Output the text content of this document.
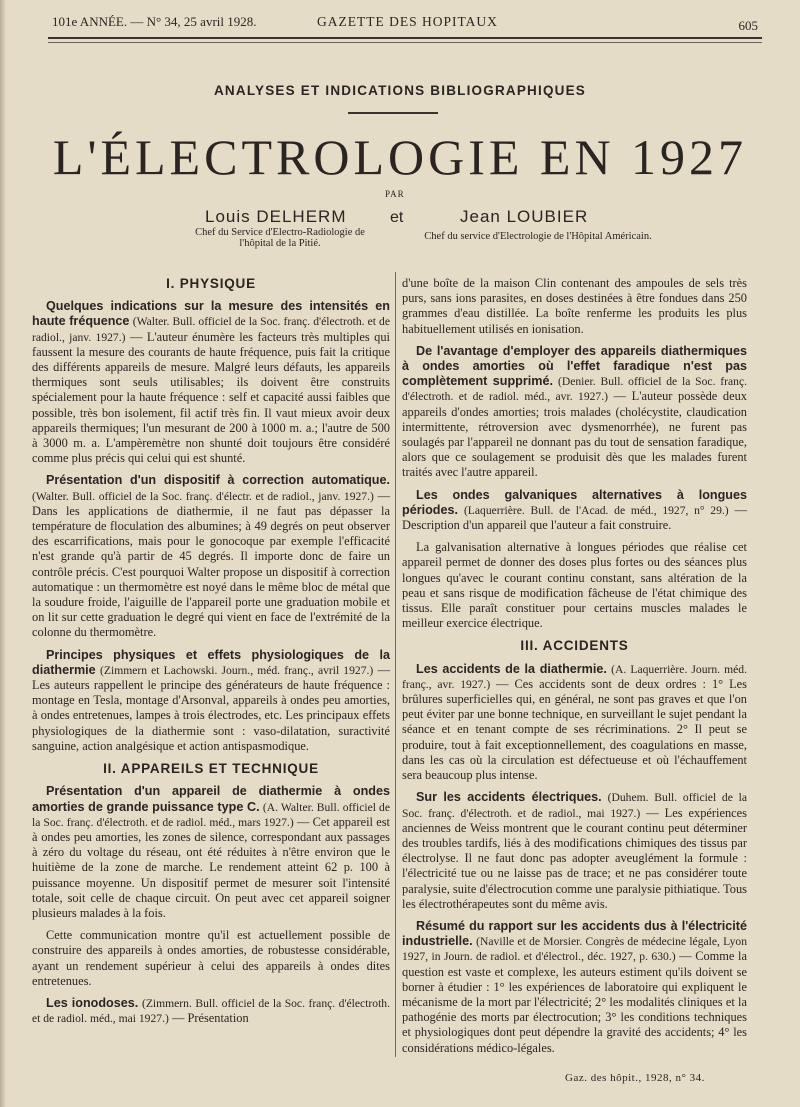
101e ANNÉE. — N° 34, 25 avril 1928.	GAZETTE DES HOPITAUX	605
ANALYSES ET INDICATIONS BIBLIOGRAPHIQUES
L'ÉLECTROLOGIE EN 1927
PAR
Louis DELHERM	et	Jean LOUBIER
Chef du Service d'Electro-Radiologie de l'hôpital de la Pitié.
Chef du service d'Electrologie de l'Hôpital Américain.
I. PHYSIQUE

Quelques indications sur la mesure des intensités en haute fréquence (Walter. Bull. officiel de la Soc. franç. d'électroth. et de radiol., janv. 1927.) — L'auteur énumère les facteurs très multiples qui faussent la mesure des courants de haute fréquence, puis fait la critique des différents appareils de mesure. Malgré leurs défauts, les appareils thermiques sont seuls utilisables; ils doivent être construits spécialement pour la haute fréquence : self et capacité aussi faibles que possible, très bon isolement, fil actif très fin. Il vaut mieux avoir deux appareils thermiques; l'un mesurant de 200 à 1000 m. a.; l'autre de 500 à 3000 m. a. L'ampèremètre non shunté doit toujours être considéré comme plus précis qui celui qui est shunté.

Présentation d'un dispositif à correction automatique. (Walter. Bull. officiel de la Soc. franç. d'électr. et de radiol., janv. 1927.) — Dans les applications de diathermie, il ne faut pas dépasser la température de floculation des albumines; à 49 degrés on peut observer des escarrifications, mais pour le gonocoque par exemple l'efficacité n'est grande qu'à partir de 45 degrés. Il importe donc de faire un contrôle précis. C'est pourquoi Walter propose un dispositif à correction automatique : un thermomètre est noyé dans le même bloc de métal que la soudure froide, l'aiguille de l'appareil porte une graduation mobile et on lit sur cette graduation le degré qui vient en face de l'extrémité de la colonne du thermomètre.

Principes physiques et effets physiologiques de la diathermie (Zimmern et Lachowski. Journ., méd. franç., avril 1927.) — Les auteurs rappellent le principe des générateurs de haute fréquence : montage en Tesla, montage d'Arsonval, appareils à ondes peu amorties, à ondes entretenues, lampes à trois électrodes, etc. Les principaux effets physiologiques de la diathermie sont : vaso-dilatation, suractivité sanguine, action analgésique et action antispasmodique.

II. APPAREILS ET TECHNIQUE

Présentation d'un appareil de diathermie à ondes amorties de grande puissance type C. (A. Walter. Bull. officiel de la Soc. franç. d'électroth. et de radiol. méd., mars 1927.) — Cet appareil est à ondes peu amorties, les zones de silence, correspondant aux passages à zéro du voltage du réseau, ont été réduites à n'être environ que le huitième de la zone de marche. Le rendement atteint 62 p. 100 à puissance moyenne. Un dispositif permet de mesurer soit l'intensité totale, soit celle de chaque circuit. On peut avec cet appareil soigner plusieurs malades à la fois.

Cette communication montre qu'il est actuellement possible de construire des appareils à ondes amorties, de robustesse considérable, ayant un rendement supérieur à celui des appareils à ondes dites entretenues.

Les ionodoses. (Zimmern. Bull. officiel de la Soc. franç. d'électroth. et de radiol. méd., mai 1927.) — Présentation

d'une boîte de la maison Clin contenant des ampoules de sels très purs, sans ions parasites, en doses destinées à être fondues dans 250 grammes d'eau distillée. La boîte renferme les produits les plus habituellement utilisés en ionisation.

De l'avantage d'employer des appareils diathermiques à ondes amorties où l'effet faradique n'est pas complètement supprimé. (Denier. Bull. officiel de la Soc. franç. d'électroth. et de radiol. méd., avr. 1927.) — L'auteur possède deux appareils d'ondes amorties; trois malades (cholécystite, claudication intermittente, rétroversion avec dysmenorrhée), ne furent pas soulagés par l'appareil ne donnant pas du tout de sensation faradique, alors que ce soulagement se produisit dès que les malades furent traités avec l'autre appareil.

Les ondes galvaniques alternatives à longues périodes. (Laquerrière. Bull. de l'Acad. de méd., 1927, n° 29.) — Description d'un appareil que l'auteur a fait construire.

La galvanisation alternative à longues périodes que réalise cet appareil permet de donner des doses plus fortes ou des séances plus longues qu'avec le courant continu constant, sans altération de la peau et sans risque de modification fâcheuse de l'état chimique des tissus. Elle paraît constituer pour certains muscles malades le meilleur exercice électrique.

III. ACCIDENTS

Les accidents de la diathermie. (A. Laquerrière. Journ. méd. franç., avr. 1927.) — Ces accidents sont de deux ordres : 1° Les brûlures superficielles qui, en général, ne sont pas graves et que l'on peut éviter par une bonne technique, en surveillant le sujet pendant la séance et en tenant compte de ses récriminations. 2° Il peut se produire, tout à fait exceptionnellement, des coagulations en masse, dans les cas où la circulation est défectueuse et où l'échauffement sera beaucoup plus intense.

Sur les accidents électriques. (Duhem. Bull. officiel de la Soc. franç. d'électroth. et de radiol., mai 1927.) — Les expériences anciennes de Weiss montrent que le courant continu peut déterminer des troubles tardifs, liés à des modifications chimiques des tissus par électrolyse. Il ne faut donc pas adopter aveuglément la formule : l'électricité tue ou ne laisse pas de trace; et ne pas considérer toute paralysie, suite d'électrocution comme une paralysie pithiatique. Tous les électrothérapeutes sont du même avis.

Résumé du rapport sur les accidents dus à l'électricité industrielle. (Naville et de Morsier. Congrès de médecine légale, Lyon 1927, in Journ. de radiol. et d'électrol., déc. 1927, p. 630.) — Comme la question est vaste et complexe, les auteurs estiment qu'ils doivent se borner à étudier : 1° les expériences de laboratoire qui expliquent le mécanisme de la mort par l'électricité; 2° les modalités cliniques et la pathogénie des morts par électrocution; 3° les conditions techniques et physiologiques dont peut dépendre la gravité des accidents; 4° les considérations médico-légales.

Gaz. des hôpit., 1928, n° 34.
